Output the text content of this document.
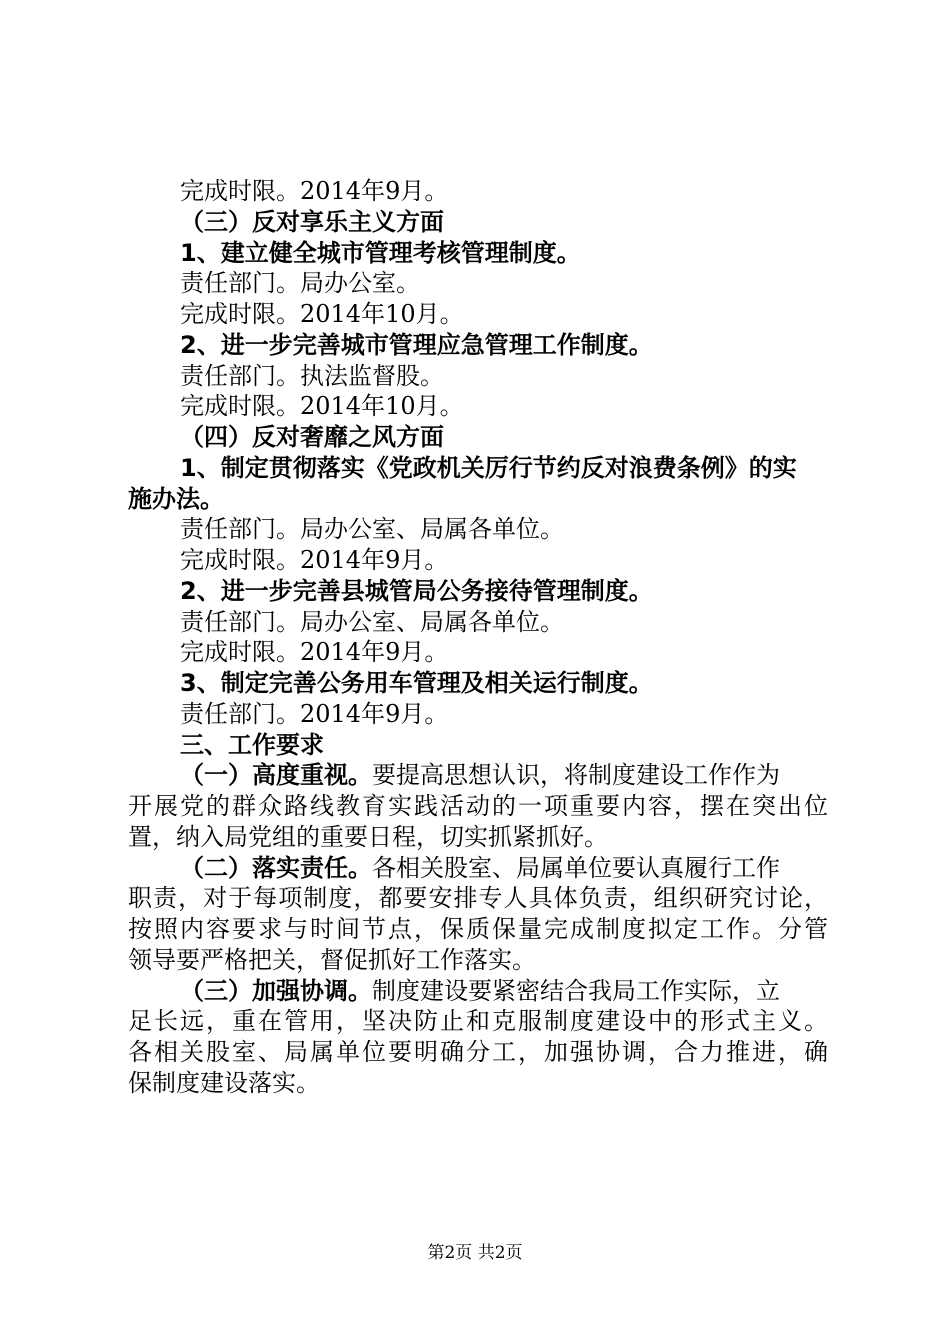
完成时限。2014年9月。
（三）反对享乐主义方面
1、建立健全城市管理考核管理制度。
责任部门。局办公室。
完成时限。2014年10月。
2、进一步完善城市管理应急管理工作制度。
责任部门。执法监督股。
完成时限。2014年10月。
（四）反对奢靡之风方面
1、制定贯彻落实《党政机关厉行节约反对浪费条例》的实
施办法。
责任部门。局办公室、局属各单位。
完成时限。2014年9月。
2、进一步完善县城管局公务接待管理制度。
责任部门。局办公室、局属各单位。
完成时限。2014年9月。
3、制定完善公务用车管理及相关运行制度。
责任部门。2014年9月。
三、工作要求
（一）高度重视。要提高思想认识，将制度建设工作作为
开展党的群众路线教育实践活动的一项重要内容，摆在突出位
置，纳入局党组的重要日程，切实抓紧抓好。
（二）落实责任。各相关股室、局属单位要认真履行工作
职责，对于每项制度，都要安排专人具体负责，组织研究讨论，
按照内容要求与时间节点，保质保量完成制度拟定工作。分管
领导要严格把关，督促抓好工作落实。
（三）加强协调。制度建设要紧密结合我局工作实际，立
足长远，重在管用，坚决防止和克服制度建设中的形式主义。
各相关股室、局属单位要明确分工，加强协调，合力推进，确
保制度建设落实。
第2页 共2页
